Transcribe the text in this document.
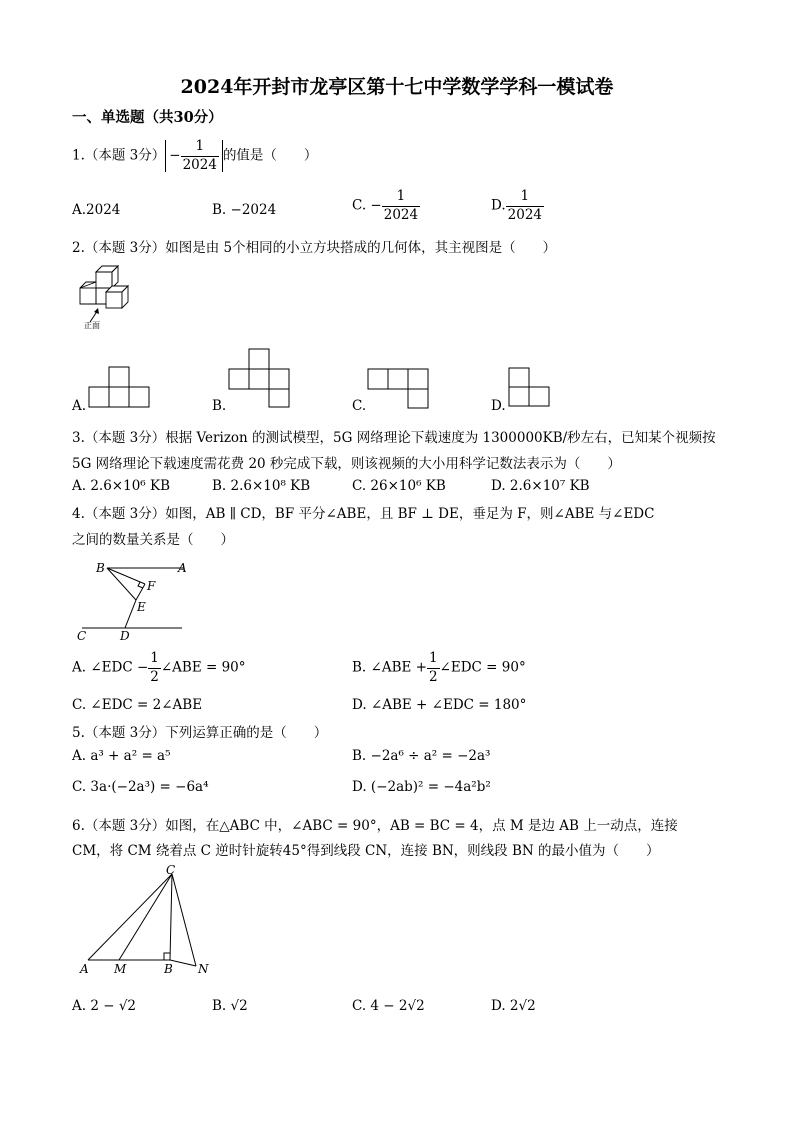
2024年开封市龙亭区第十七中学数学学科一模试卷
一、单选题（共30分）
1.（本题 3分） − $\frac{1}{2024}$ 的值是（　　）
A.2024	B. −2024	C. − $\frac{1}{2024}$	D. $\frac{1}{2024}$
2.（本题 3分）如图是由 5个相同的小立方块搭成的几何体，其主视图是（　　）
正面
A.	B.	C.	D.
3.（本题 3分）根据 Verizon 的测试模型，5G 网络理论下载速度为 1300000KB/秒左右，已知某个视频按
5G 网络理论下载速度需花费 20 秒完成下载，则该视频的大小用科学记数法表示为（　　）
A. 2.6×10⁶ KB	B. 2.6×10⁸ KB	C. 26×10⁶ KB	D. 2.6×10⁷ KB
4.（本题 3分）如图，AB ∥ CD，BF 平分∠ABE，且 BF ⊥ DE，垂足为 F，则∠ABE 与∠EDC
之间的数量关系是（　　）
B	A
F
E
C	D
A. ∠EDC − $\frac{1}{2}$ ∠ABE = 90°	B. ∠ABE + $\frac{1}{2}$ ∠EDC = 90°
C. ∠EDC = 2∠ABE	D. ∠ABE + ∠EDC = 180°
5.（本题 3分）下列运算正确的是（　　）
A. a³ + a² = a⁵	B. −2a⁶ ÷ a² = −2a³
C. 3a·(−2a³) = −6a⁴	D. (−2ab)² = −4a²b²
6.（本题 3分）如图，在△ABC 中，∠ABC = 90°，AB = BC = 4，点 M 是边 AB 上一动点，连接
CM，将 CM 绕着点 C 逆时针旋转45°得到线段 CN，连接 BN，则线段 BN 的最小值为（　　）
C
A M	B N
A. 2 − √2	B. √2	C. 4 − 2√2	D. 2√2
